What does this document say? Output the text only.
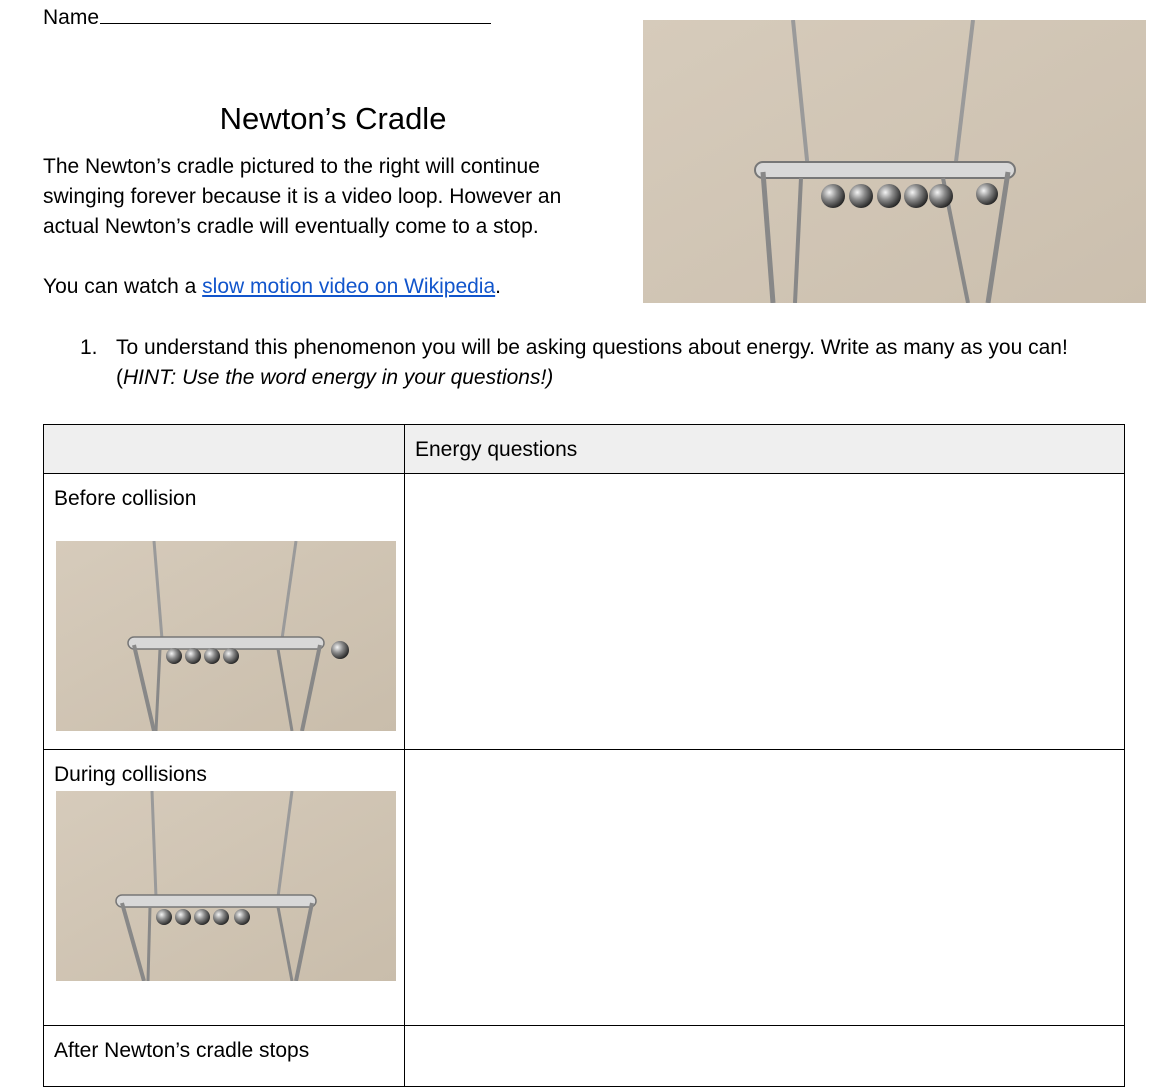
Name
Newton’s Cradle
The Newton’s cradle pictured to the right will continue
swinging forever because it is a video loop. However an
actual Newton’s cradle will eventually come to a stop.
You can watch a slow motion video on Wikipedia.
1. To understand this phenomenon you will be asking questions about energy. Write as many as you can!
(HINT: Use the word energy in your questions!)

	Energy questions

Before collision	

During collisions	

After Newton’s cradle stops	
